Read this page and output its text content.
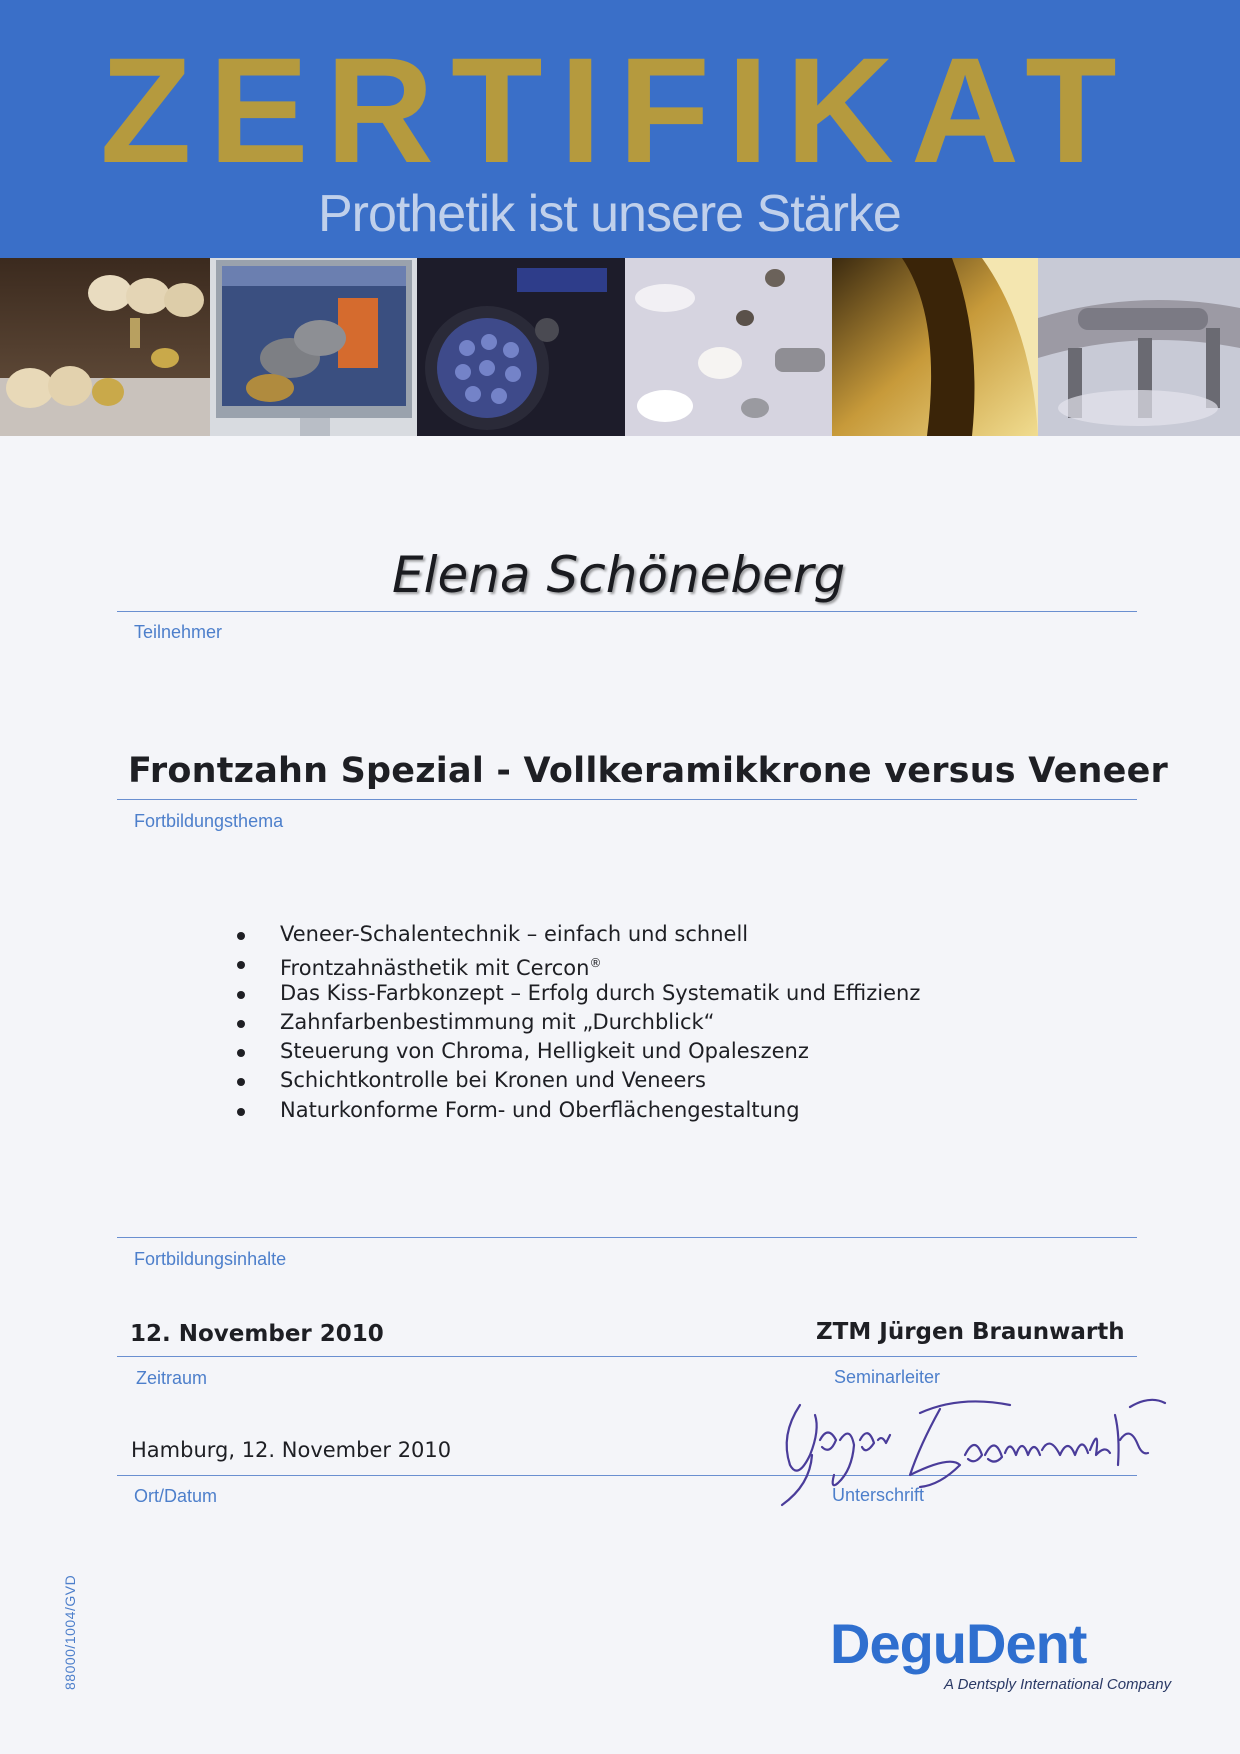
ZERTIFIKAT
Prothetik ist unsere Stärke
Elena Schöneberg
Teilnehmer
Frontzahn Spezial - Vollkeramikkrone versus Veneer
Fortbildungsthema
Veneer-Schalentechnik – einfach und schnell
Frontzahnästhetik mit Cercon®
Das Kiss-Farbkonzept – Erfolg durch Systematik und Effizienz
Zahnfarbenbestimmung mit „Durchblick“
Steuerung von Chroma, Helligkeit und Opaleszenz
Schichtkontrolle bei Kronen und Veneers
Naturkonforme Form- und Oberflächengestaltung
Fortbildungsinhalte
12. November 2010	ZTM Jürgen Braunwarth
Zeitraum	Seminarleiter
Hamburg, 12. November 2010
Ort/Datum	Unterschrift
88000/1004/GVD	DeguDent
A Dentsply International Company
